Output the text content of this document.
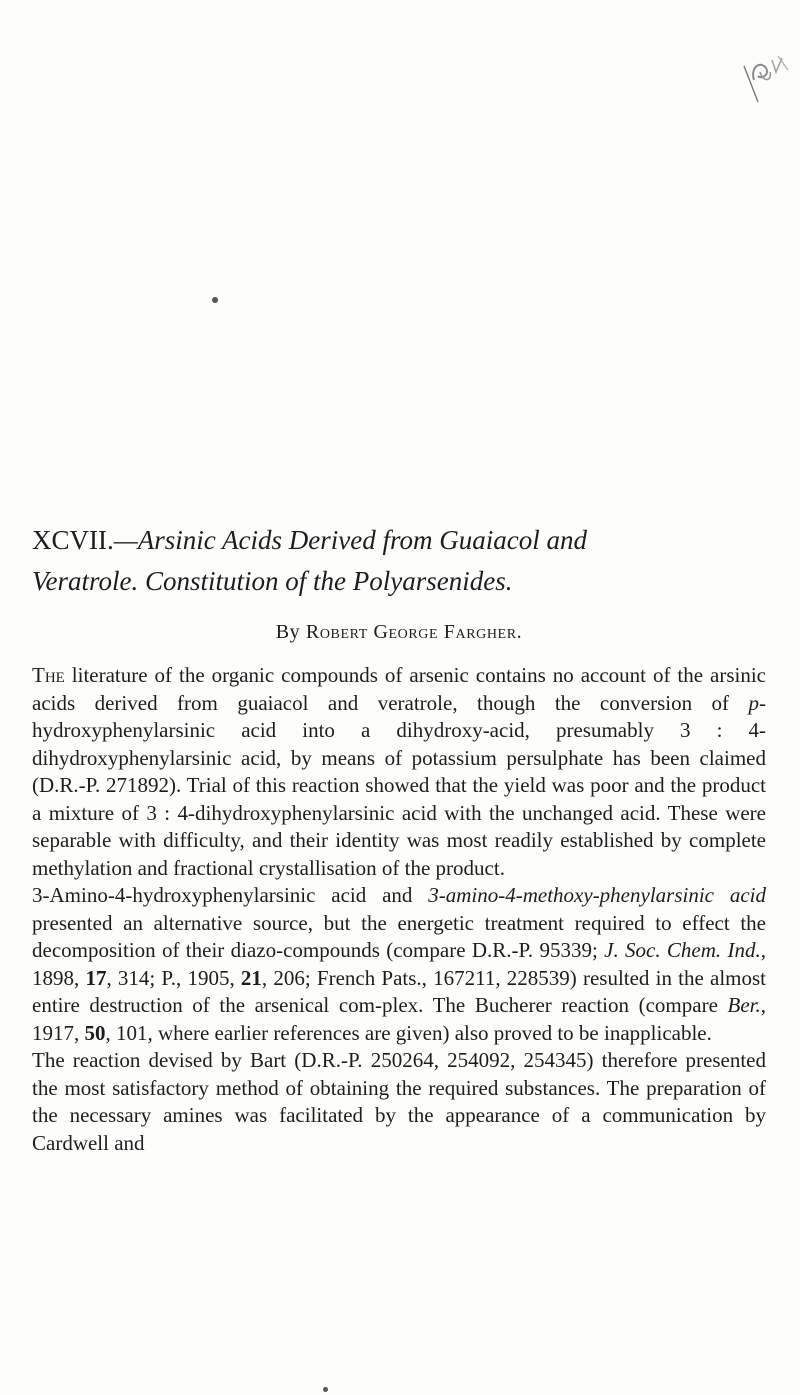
XCVII.—Arsinic Acids Derived from Guaiacol and
Veratrole. Constitution of the Polyarsenides.
By Robert George Fargher.

The literature of the organic compounds of arsenic contains no account of the arsinic acids derived from guaiacol and veratrole, though the conversion of p-hydroxyphenylarsinic acid into a dihydroxy-acid, presumably 3 : 4-dihydroxyphenylarsinic acid, by means of potassium persulphate has been claimed (D.R.-P. 271892). Trial of this reaction showed that the yield was poor and the product a mixture of 3 : 4-dihydroxyphenylarsinic acid with the unchanged acid. These were separable with difficulty, and their identity was most readily established by complete methylation and fractional crystallisation of the product.

3-Amino-4-hydroxyphenylarsinic acid and 3-amino-4-methoxy-phenylarsinic acid presented an alternative source, but the energetic treatment required to effect the decomposition of their diazo-compounds (compare D.R.-P. 95339; J. Soc. Chem. Ind., 1898, 17, 314; P., 1905, 21, 206; French Pats., 167211, 228539) resulted in the almost entire destruction of the arsenical com-plex. The Bucherer reaction (compare Ber., 1917, 50, 101, where earlier references are given) also proved to be inapplicable.

The reaction devised by Bart (D.R.-P. 250264, 254092, 254345) therefore presented the most satisfactory method of obtaining the required substances. The preparation of the necessary amines was facilitated by the appearance of a communication by Cardwell and
